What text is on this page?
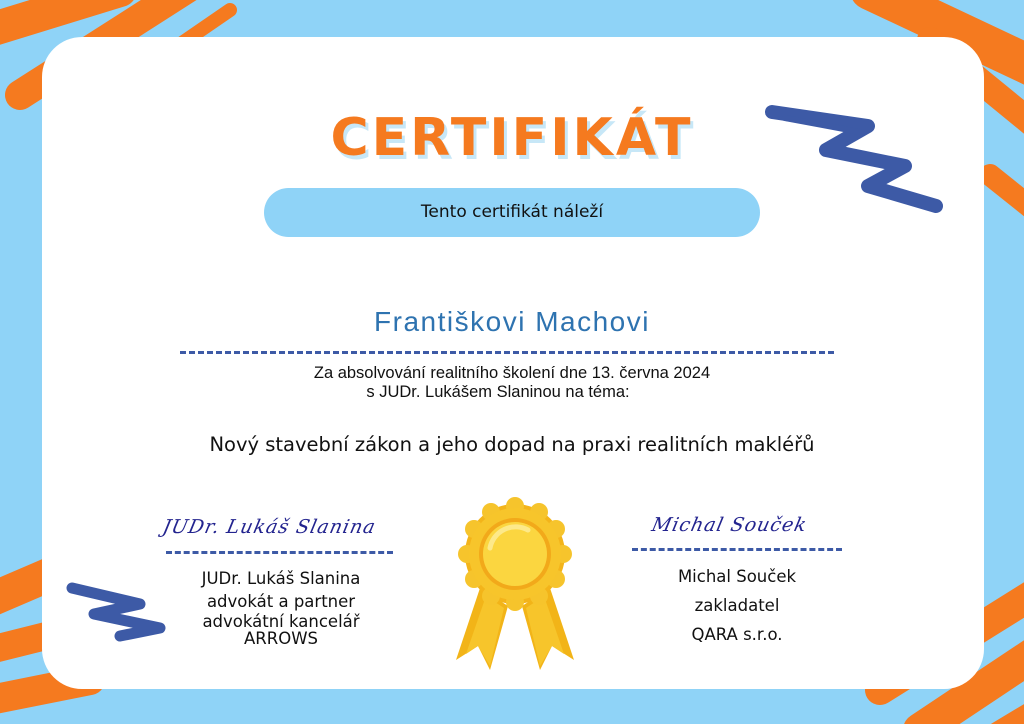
CERTIFIKÁT
Tento certifikát náleží
Františkovi Machovi
Za absolvování realitního školení dne 13. června 2024
s JUDr. Lukášem Slaninou na téma:
Nový stavební zákon a jeho dopad na praxi realitních makléřů
JUDr. Lukáš Slanina
JUDr. Lukáš Slanina
advokát a partner
advokátní kancelář
ARROWS
Michal Souček
Michal Souček
zakladatel
QARA s.r.o.
